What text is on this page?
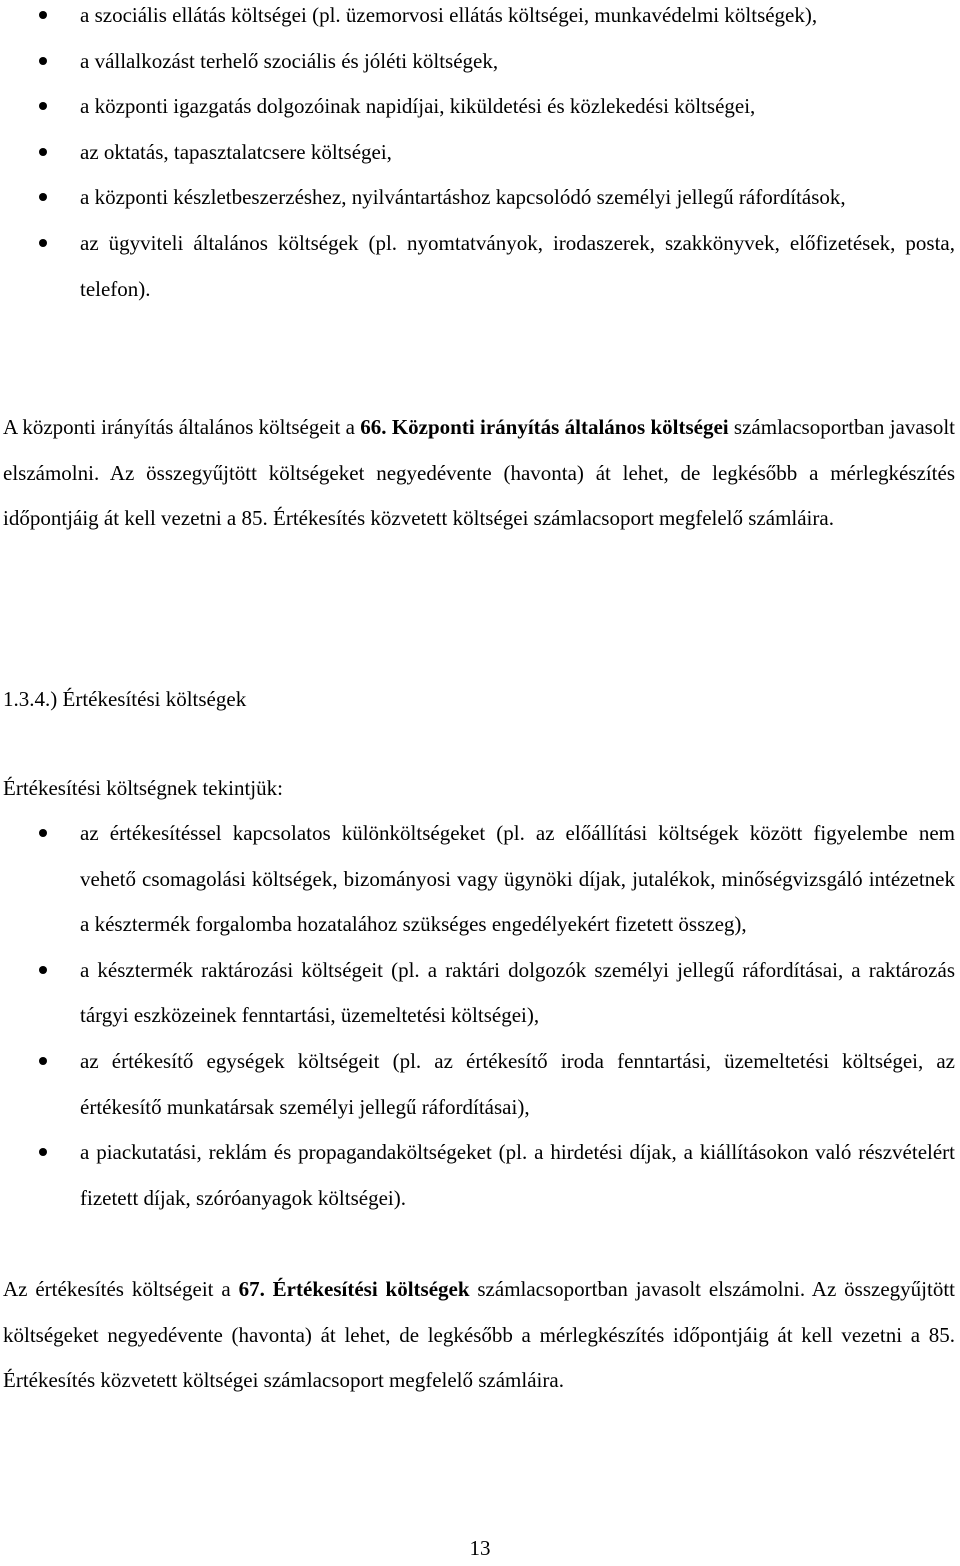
a szociális ellátás költségei (pl. üzemorvosi ellátás költségei, munkavédelmi költségek),
a vállalkozást terhelő szociális és jóléti költségek,
a központi igazgatás dolgozóinak napidíjai, kiküldetési és közlekedési költségei,
az oktatás, tapasztalatcsere költségei,
a központi készletbeszerzéshez, nyilvántartáshoz kapcsolódó személyi jellegű ráfordítások,
az ügyviteli általános költségek (pl. nyomtatványok, irodaszerek, szakkönyvek, előfizetések, posta, telefon).

A központi irányítás általános költségeit a 66. Központi irányítás általános költségei számlacsoportban javasolt elszámolni. Az összegyűjtött költségeket negyedévente (havonta) át lehet, de legkésőbb a mérlegkészítés időpontjáig át kell vezetni a 85. Értékesítés közvetett költségei számlacsoport megfelelő számláira.

1.3.4.) Értékesítési költségek

Értékesítési költségnek tekintjük:

az értékesítéssel kapcsolatos különköltségeket (pl. az előállítási költségek között figyelembe nem vehető csomagolási költségek, bizományosi vagy ügynöki díjak, jutalékok, minőségvizsgáló intézetnek a késztermék forgalomba hozatalához szükséges engedélyekért fizetett összeg),
a késztermék raktározási költségeit (pl. a raktári dolgozók személyi jellegű ráfordításai, a raktározás tárgyi eszközeinek fenntartási, üzemeltetési költségei),
az értékesítő egységek költségeit (pl. az értékesítő iroda fenntartási, üzemeltetési költségei, az értékesítő munkatársak személyi jellegű ráfordításai),
a piackutatási, reklám és propagandaköltségeket (pl. a hirdetési díjak, a kiállításokon való részvételért fizetett díjak, szóróanyagok költségei).

Az értékesítés költségeit a 67. Értékesítési költségek számlacsoportban javasolt elszámolni. Az összegyűjtött költségeket negyedévente (havonta) át lehet, de legkésőbb a mérlegkészítés időpontjáig át kell vezetni a 85. Értékesítés közvetett költségei számlacsoport megfelelő számláira.

13
